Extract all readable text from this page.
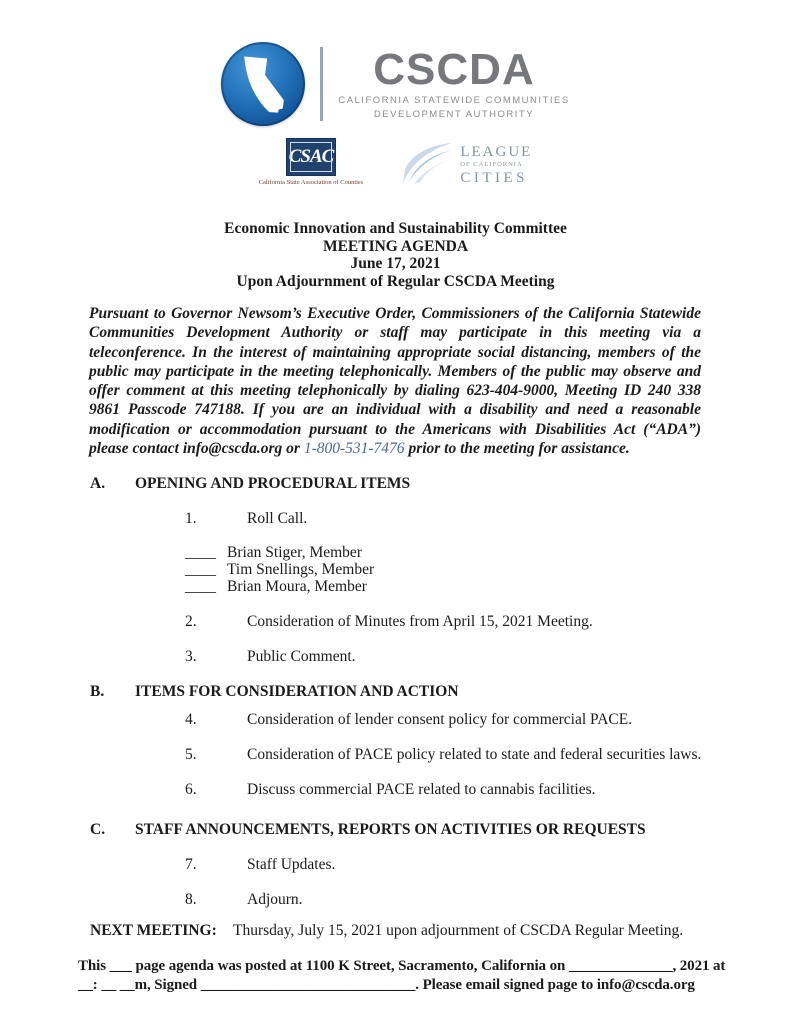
CSCDA
CALIFORNIA STATEWIDE COMMUNITIES
DEVELOPMENT AUTHORITY
CSAC
California State Association of Counties
LEAGUE
OF CALIFORNIA
CITIES
Economic Innovation and Sustainability Committee
MEETING AGENDA
June 17, 2021
Upon Adjournment of Regular CSCDA Meeting

Pursuant to Governor Newsom’s Executive Order, Commissioners of the California Statewide Communities Development Authority or staff may participate in this meeting via a teleconference. In the interest of maintaining appropriate social distancing, members of the public may participate in the meeting telephonically. Members of the public may observe and offer comment at this meeting telephonically by dialing 623-404-9000, Meeting ID 240 338 9861 Passcode 747188. If you are an individual with a disability and need a reasonable modification or accommodation pursuant to the Americans with Disabilities Act (“ADA”) please contact info@cscda.org or 1-800-531-7476 prior to the meeting for assistance.

A.	OPENING AND PROCEDURAL ITEMS
1.	Roll Call.
____ Brian Stiger, Member
____ Tim Snellings, Member
____ Brian Moura, Member
2.	Consideration of Minutes from April 15, 2021 Meeting.
3.	Public Comment.
B.	ITEMS FOR CONSIDERATION AND ACTION
4.	Consideration of lender consent policy for commercial PACE.
5.	Consideration of PACE policy related to state and federal securities laws.
6.	Discuss commercial PACE related to cannabis facilities.
C.	STAFF ANNOUNCEMENTS, REPORTS ON ACTIVITIES OR REQUESTS
7.	Staff Updates.
8.	Adjourn.
NEXT MEETING:	Thursday, July 15, 2021 upon adjournment of CSCDA Regular Meeting.
This ___ page agenda was posted at 1100 K Street, Sacramento, California on ______________, 2021 at
__: __ __m, Signed _____________________________. Please email signed page to info@cscda.org
